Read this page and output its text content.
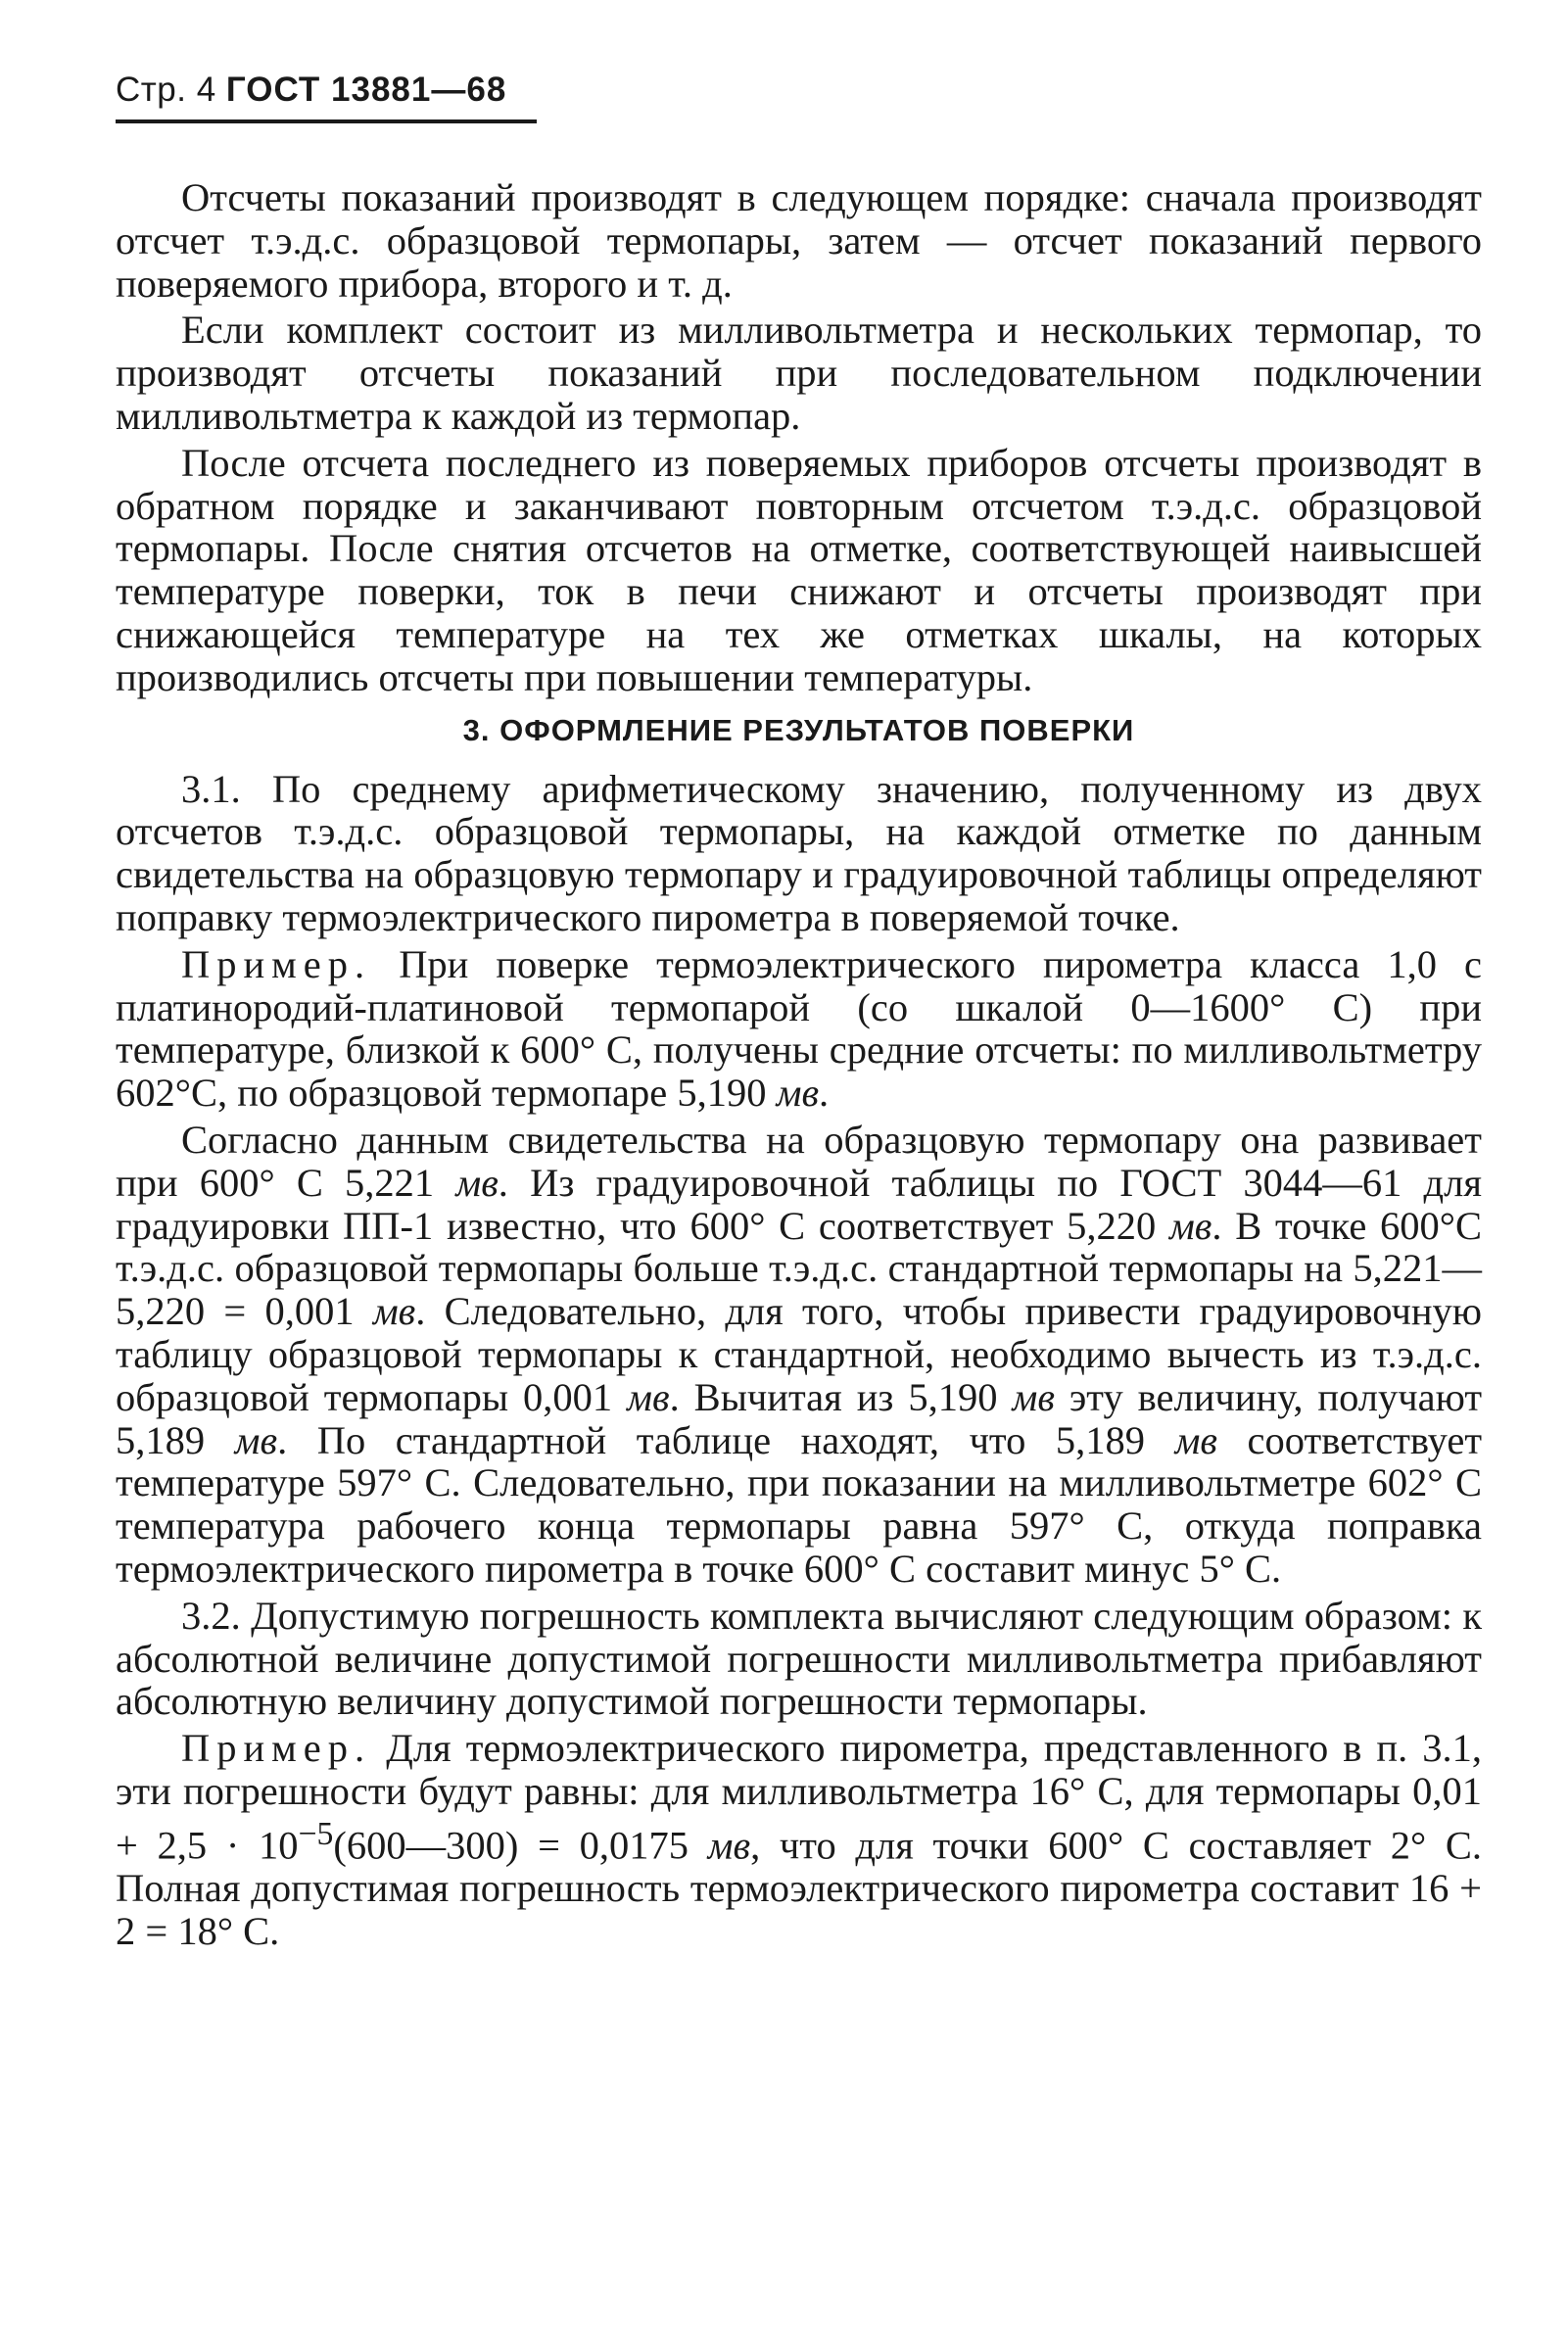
Стр. 4 ГОСТ 13881—68

Отсчеты показаний производят в следующем порядке: сначала производят отсчет т.э.д.с. образцовой термопары, затем — отсчет показаний первого поверяемого прибора, второго и т. д.

Если комплект состоит из милливольтметра и нескольких термопар, то производят отсчеты показаний при последовательном подключении милливольтметра к каждой из термопар.

После отсчета последнего из поверяемых приборов отсчеты производят в обратном порядке и заканчивают повторным отсчетом т.э.д.с. образцовой термопары. После снятия отсчетов на отметке, соответствующей наивысшей температуре поверки, ток в печи снижают и отсчеты производят при снижающейся температуре на тех же отметках шкалы, на которых производились отсчеты при повышении температуры.

3. ОФОРМЛЕНИЕ РЕЗУЛЬТАТОВ ПОВЕРКИ

3.1. По среднему арифметическому значению, полученному из двух отсчетов т.э.д.с. образцовой термопары, на каждой отметке по данным свидетельства на образцовую термопару и градуировочной таблицы определяют поправку термоэлектрического пирометра в поверяемой точке.

Пример. При поверке термоэлектрического пирометра класса 1,0 с платинородий-платиновой термопарой (со шкалой 0—1600° С) при температуре, близкой к 600° С, получены средние отсчеты: по милливольтметру 602°С, по образцовой термопаре 5,190 мв.

Согласно данным свидетельства на образцовую термопару она развивает при 600° С 5,221 мв. Из градуировочной таблицы по ГОСТ 3044—61 для градуировки ПП-1 известно, что 600° С соответствует 5,220 мв. В точке 600°С т.э.д.с. образцовой термопары больше т.э.д.с. стандартной термопары на 5,221—5,220 = 0,001 мв. Следовательно, для того, чтобы привести градуировочную таблицу образцовой термопары к стандартной, необходимо вычесть из т.э.д.с. образцовой термопары 0,001 мв. Вычитая из 5,190 мв эту величину, получают 5,189 мв. По стандартной таблице находят, что 5,189 мв соответствует температуре 597° С. Следовательно, при показании на милливольтметре 602° С температура рабочего конца термопары равна 597° С, откуда поправка термоэлектрического пирометра в точке 600° С составит минус 5° С.

3.2. Допустимую погрешность комплекта вычисляют следующим образом: к абсолютной величине допустимой погрешности милливольтметра прибавляют абсолютную величину допустимой погрешности термопары.

Пример. Для термоэлектрического пирометра, представленного в п. 3.1, эти погрешности будут равны: для милливольтметра 16° С, для термопары $0,01 + 2,5 \cdot 10^{-5}(600—300) = 0,0175$ мв, что для точки 600° С составляет 2° С. Полная допустимая погрешность термоэлектрического пирометра составит 16 + 2 = 18° С.
